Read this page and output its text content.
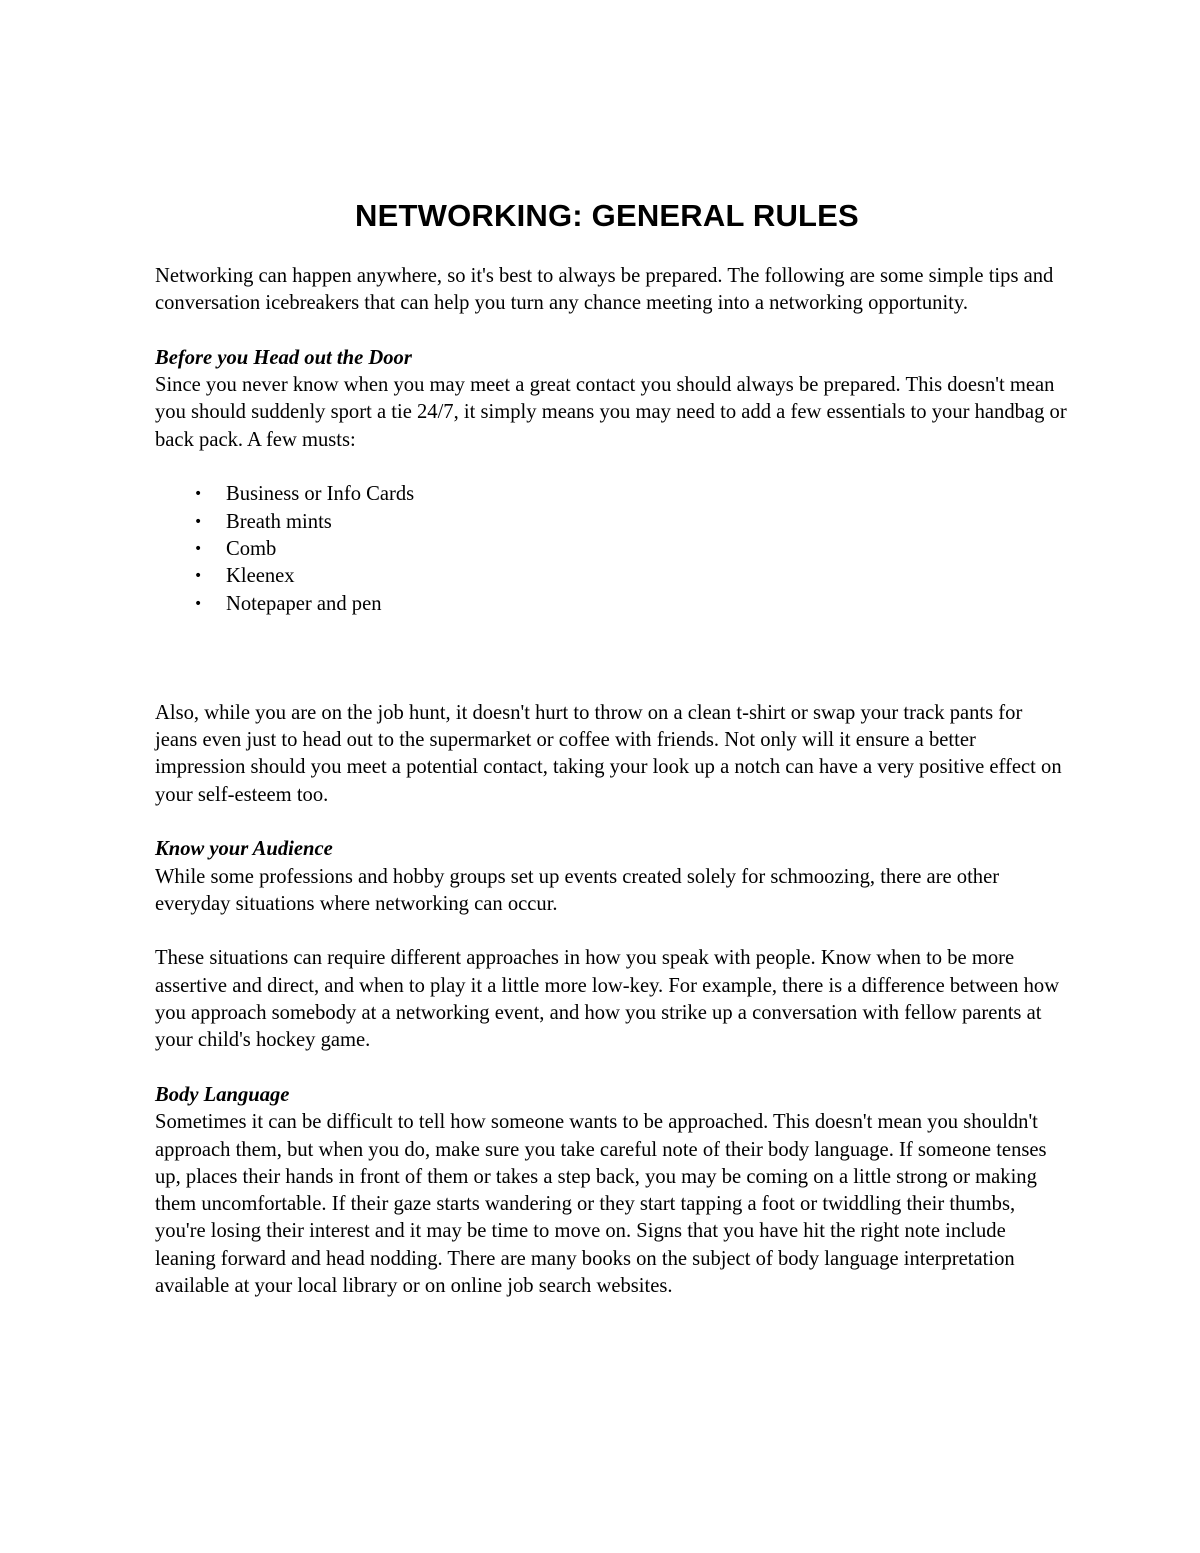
NETWORKING: GENERAL RULES

Networking can happen anywhere, so it's best to always be prepared. The following are some simple tips and conversation icebreakers that can help you turn any chance meeting into a networking opportunity.

Before you Head out the Door

Since you never know when you may meet a great contact you should always be prepared. This doesn't mean you should suddenly sport a tie 24/7, it simply means you may need to add a few essentials to your handbag or back pack. A few musts:

• Business or Info Cards
• Breath mints
• Comb
• Kleenex
• Notepaper and pen

Also, while you are on the job hunt, it doesn't hurt to throw on a clean t-shirt or swap your track pants for jeans even just to head out to the supermarket or coffee with friends. Not only will it ensure a better impression should you meet a potential contact, taking your look up a notch can have a very positive effect on your self-esteem too.

Know your Audience

While some professions and hobby groups set up events created solely for schmoozing, there are other everyday situations where networking can occur.

These situations can require different approaches in how you speak with people. Know when to be more assertive and direct, and when to play it a little more low-key. For example, there is a difference between how you approach somebody at a networking event, and how you strike up a conversation with fellow parents at your child's hockey game.

Body Language

Sometimes it can be difficult to tell how someone wants to be approached. This doesn't mean you shouldn't approach them, but when you do, make sure you take careful note of their body language. If someone tenses up, places their hands in front of them or takes a step back, you may be coming on a little strong or making them uncomfortable. If their gaze starts wandering or they start tapping a foot or twiddling their thumbs, you're losing their interest and it may be time to move on. Signs that you have hit the right note include leaning forward and head nodding. There are many books on the subject of body language interpretation available at your local library or on online job search websites.
